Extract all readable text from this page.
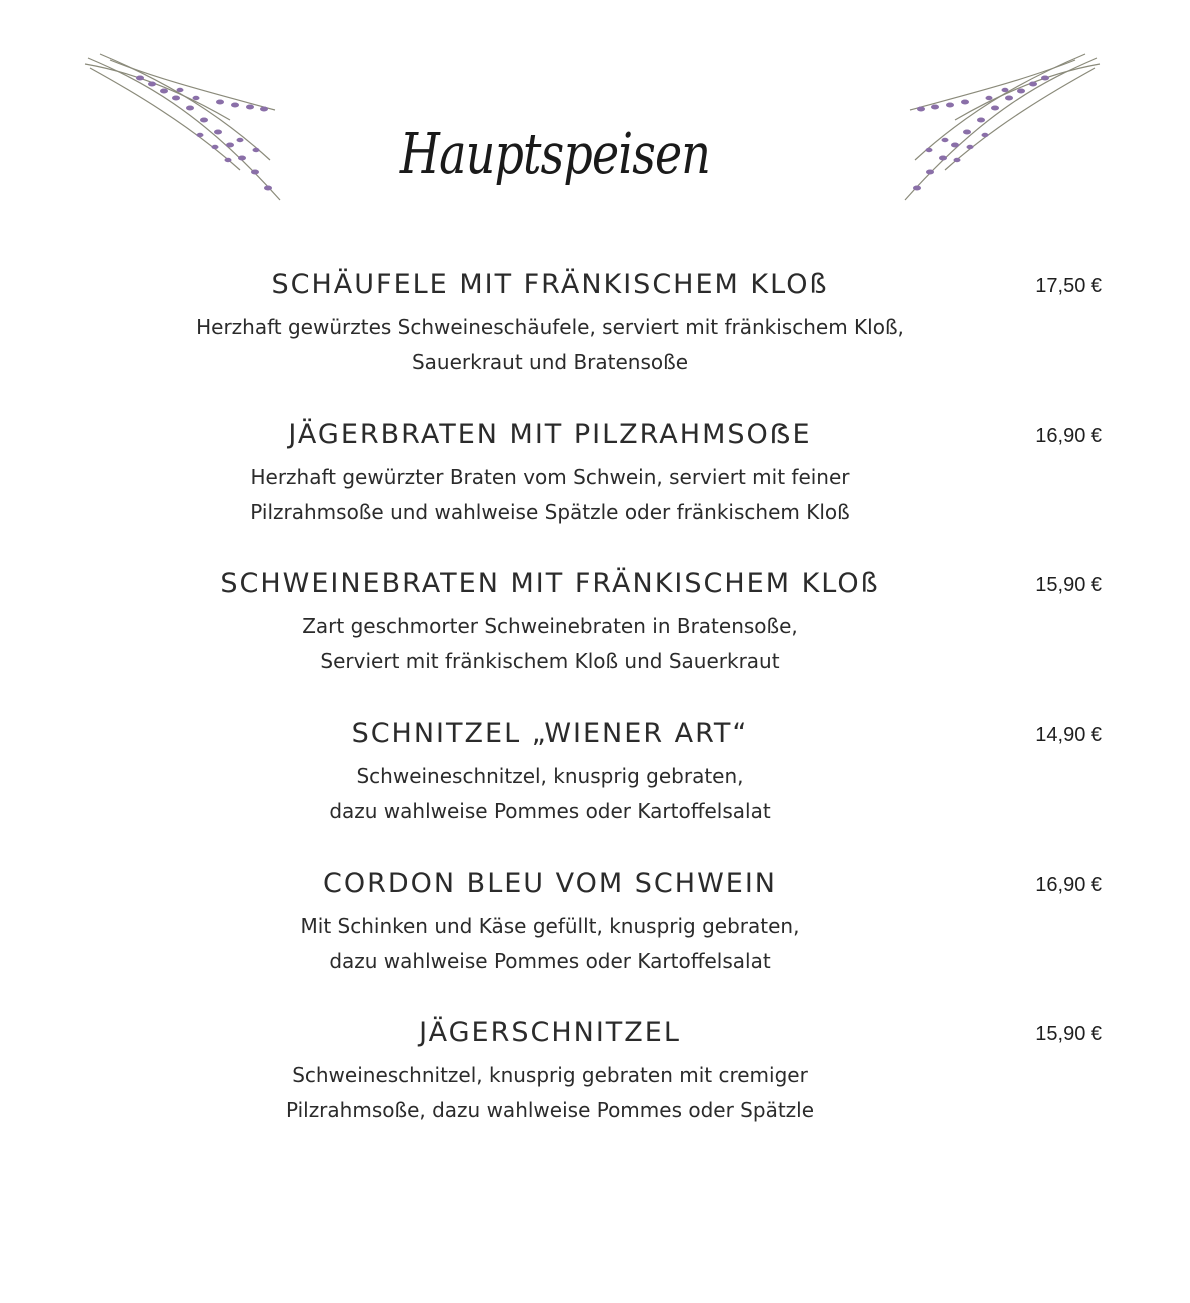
Hauptspeisen
SCHÄUFELE MIT FRÄNKISCHEM KLOß	17,50 €
Herzhaft gewürztes Schweineschäufele, serviert mit fränkischem Kloß,
Sauerkraut und Bratensoße
JÄGERBRATEN MIT PILZRAHMSOẞE	16,90 €
Herzhaft gewürzter Braten vom Schwein, serviert mit feiner
Pilzrahmsoße und wahlweise Spätzle oder fränkischem Kloß
SCHWEINEBRATEN MIT FRÄNKISCHEM KLOß	15,90 €
Zart geschmorter Schweinebraten in Bratensoße,
Serviert mit fränkischem Kloß und Sauerkraut
SCHNITZEL „WIENER ART“	14,90 €
Schweineschnitzel, knusprig gebraten,
dazu wahlweise Pommes oder Kartoffelsalat
CORDON BLEU VOM SCHWEIN	16,90 €
Mit Schinken und Käse gefüllt, knusprig gebraten,
dazu wahlweise Pommes oder Kartoffelsalat
JÄGERSCHNITZEL	15,90 €
Schweineschnitzel, knusprig gebraten mit cremiger
Pilzrahmsoße, dazu wahlweise Pommes oder Spätzle
